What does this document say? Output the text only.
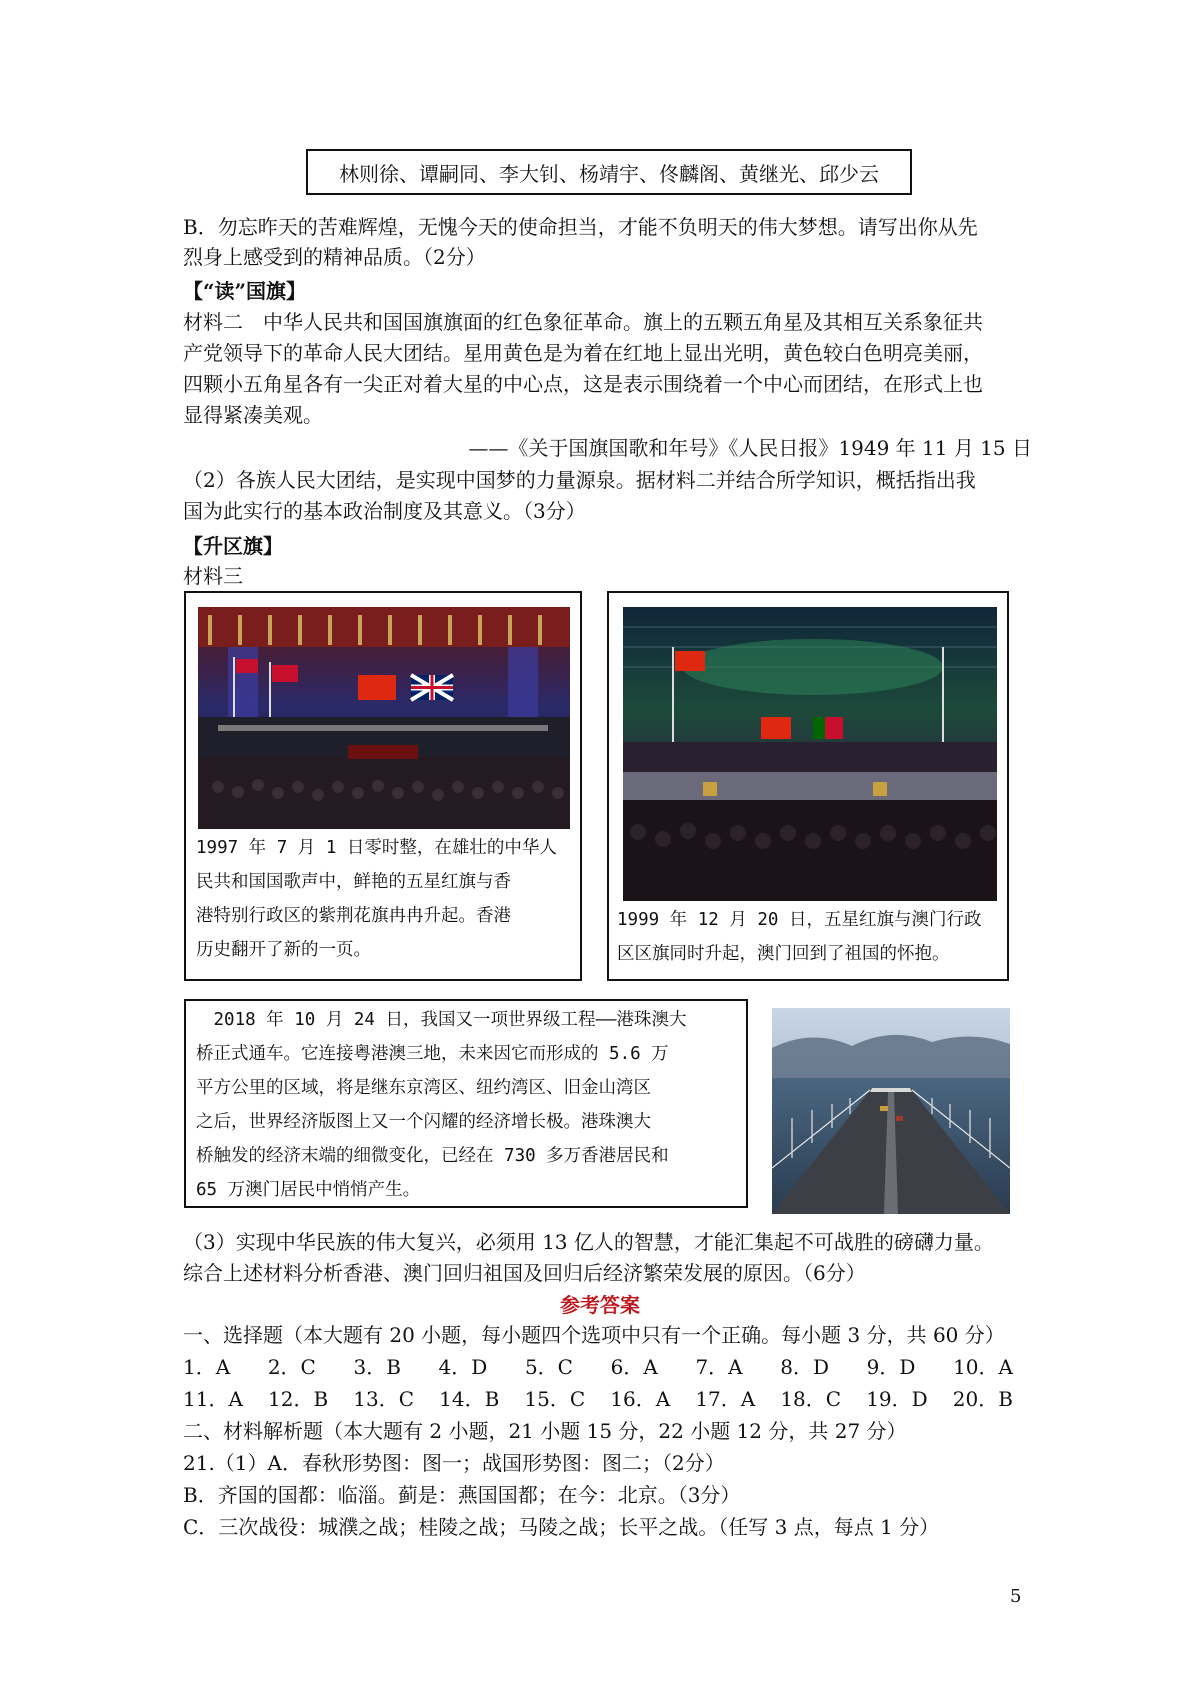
林则徐、谭嗣同、李大钊、杨靖宇、佟麟阁、黄继光、邱少云
B．勿忘昨天的苦难辉煌，无愧今天的使命担当，才能不负明天的伟大梦想。请写出你从先
烈身上感受到的精神品质。（2分）
【“读”国旗】
材料二　中华人民共和国国旗旗面的红色象征革命。旗上的五颗五角星及其相互关系象征共
产党领导下的革命人民大团结。星用黄色是为着在红地上显出光明，黄色较白色明亮美丽，
四颗小五角星各有一尖正对着大星的中心点，这是表示围绕着一个中心而团结，在形式上也
显得紧凑美观。
——《关于国旗国歌和年号》《人民日报》1949 年 11 月 15 日
（2）各族人民大团结，是实现中国梦的力量源泉。据材料二并结合所学知识，概括指出我
国为此实行的基本政治制度及其意义。（3分）
【升区旗】
材料三
1997 年 7 月 1 日零时整，在雄壮的中华人
民共和国国歌声中，鲜艳的五星红旗与香
港特别行政区的紫荆花旗冉冉升起。香港
历史翻开了新的一页。
1999 年 12 月 20 日，五星红旗与澳门行政
区区旗同时升起，澳门回到了祖国的怀抱。
　2018 年 10 月 24 日，我国又一项世界级工程——港珠澳大
桥正式通车。它连接粤港澳三地，未来因它而形成的 5.6 万
平方公里的区域，将是继东京湾区、纽约湾区、旧金山湾区
之后，世界经济版图上又一个闪耀的经济增长极。港珠澳大
桥触发的经济末端的细微变化，已经在 730 多万香港居民和
65 万澳门居民中悄悄产生。
（3）实现中华民族的伟大复兴，必须用 13 亿人的智慧，才能汇集起不可战胜的磅礴力量。
综合上述材料分析香港、澳门回归祖国及回归后经济繁荣发展的原因。（6分）
参考答案
一、选择题（本大题有 20 小题，每小题四个选项中只有一个正确。每小题 3 分，共 60 分）
1．A 2．C 3．B 4．D 5．C 6．A 7．A 8．D 9．D 10．A
11．A 12．B 13．C 14．B 15．C 16．A 17．A 18．C 19．D 20．B
二、材料解析题（本大题有 2 小题，21 小题 15 分，22 小题 12 分，共 27 分）
21.（1）A．春秋形势图：图一；战国形势图：图二；（2分）
B．齐国的国都：临淄。蓟是：燕国国都；在今：北京。（3分）
C．三次战役：城濮之战；桂陵之战；马陵之战；长平之战。（任写 3 点，每点 1 分）
5
